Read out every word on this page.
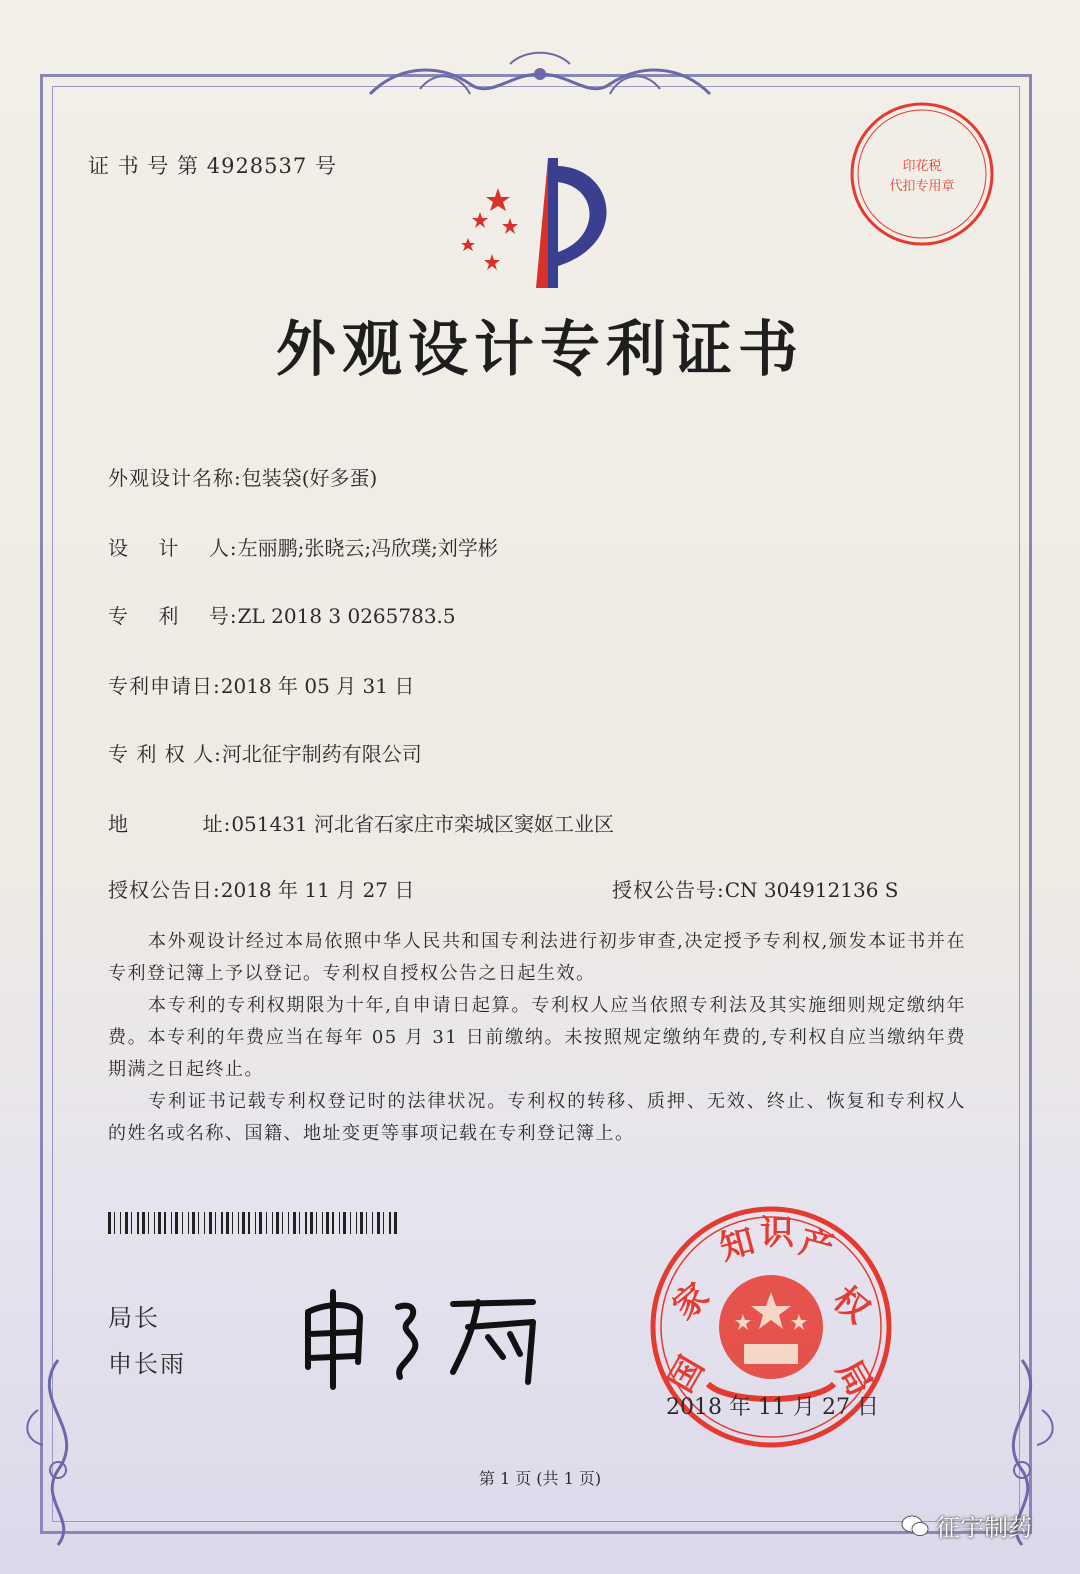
证 书 号 第 4928537 号
外观设计专利证书
外观设计名称:包装袋(好多蛋)
设    计    人:左丽鹏;张晓云;冯欣璞;刘学彬
专    利    号:ZL 2018 3 0265783.5
专利申请日:2018 年 05 月 31 日
专 利 权 人:河北征宇制药有限公司
地          址:051431 河北省石家庄市栾城区窦妪工业区
授权公告日:2018 年 11 月 27 日	授权公告号:CN 304912136 S
本外观设计经过本局依照中华人民共和国专利法进行初步审查,决定授予专利权,颁发本证书并在专利登记簿上予以登记。专利权自授权公告之日起生效。
本专利的专利权期限为十年,自申请日起算。专利权人应当依照专利法及其实施细则规定缴纳年费。本专利的年费应当在每年 05 月 31 日前缴纳。未按照规定缴纳年费的,专利权自应当缴纳年费期满之日起终止。
专利证书记载专利权登记时的法律状况。专利权的转移、质押、无效、终止、恢复和专利权人的姓名或名称、国籍、地址变更等事项记载在专利登记簿上。
局长
申长雨
印花税
代扣专用章
国
家
知 识 产
权
局
2018 年 11 月 27 日
第 1 页 (共 1 页)
征宇制药
